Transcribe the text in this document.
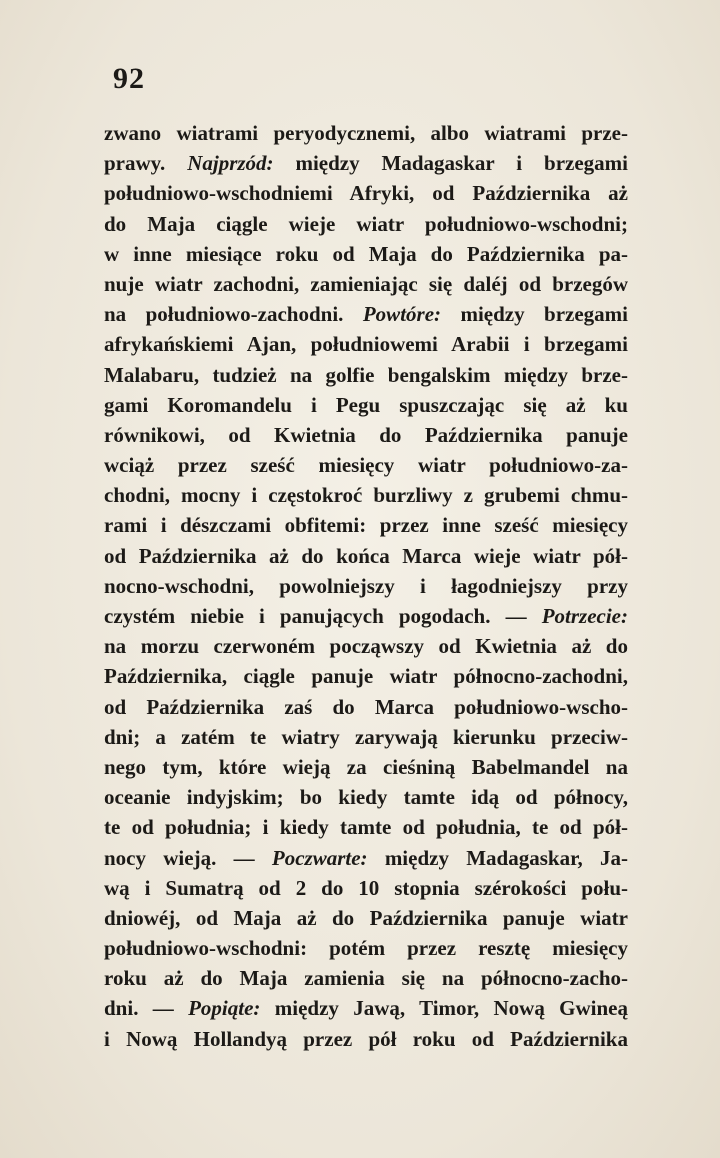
92
zwano wiatrami peryodycznemi, albo wiatrami prze-
prawy. Najprzód: między Madagaskar i brzegami
południowo-wschodniemi Afryki, od Października aż
do Maja ciągle wieje wiatr południowo-wschodni;
w inne miesiące roku od Maja do Października pa-
nuje wiatr zachodni, zamieniając się daléj od brzegów
na południowo-zachodni. Powtóre: między brzegami
afrykańskiemi Ajan, południowemi Arabii i brzegami
Malabaru, tudzież na golfie bengalskim między brze-
gami Koromandelu i Pegu spuszczając się aż ku
równikowi, od Kwietnia do Października panuje
wciąż przez sześć miesięcy wiatr południowo-za-
chodni, mocny i częstokroć burzliwy z grubemi chmu-
rami i dészczami obfitemi: przez inne sześć miesięcy
od Października aż do końca Marca wieje wiatr pół-
nocno-wschodni, powolniejszy i łagodniejszy przy
czystém niebie i panujących pogodach. — Potrzecie:
na morzu czerwoném począwszy od Kwietnia aż do
Października, ciągle panuje wiatr północno-zachodni,
od Października zaś do Marca południowo-wscho-
dni; a zatém te wiatry zarywają kierunku przeciw-
nego tym, które wieją za cieśniną Babelmandel na
oceanie indyjskim; bo kiedy tamte idą od północy,
te od południa; i kiedy tamte od południa, te od pół-
nocy wieją. — Poczwarte: między Madagaskar, Ja-
wą i Sumatrą od 2 do 10 stopnia szérokości połu-
dniowéj, od Maja aż do Października panuje wiatr
południowo-wschodni: potém przez resztę miesięcy
roku aż do Maja zamienia się na północno-zacho-
dni. — Popiąte: między Jawą, Timor, Nową Gwineą
i Nową Hollandyą przez pół roku od Października
